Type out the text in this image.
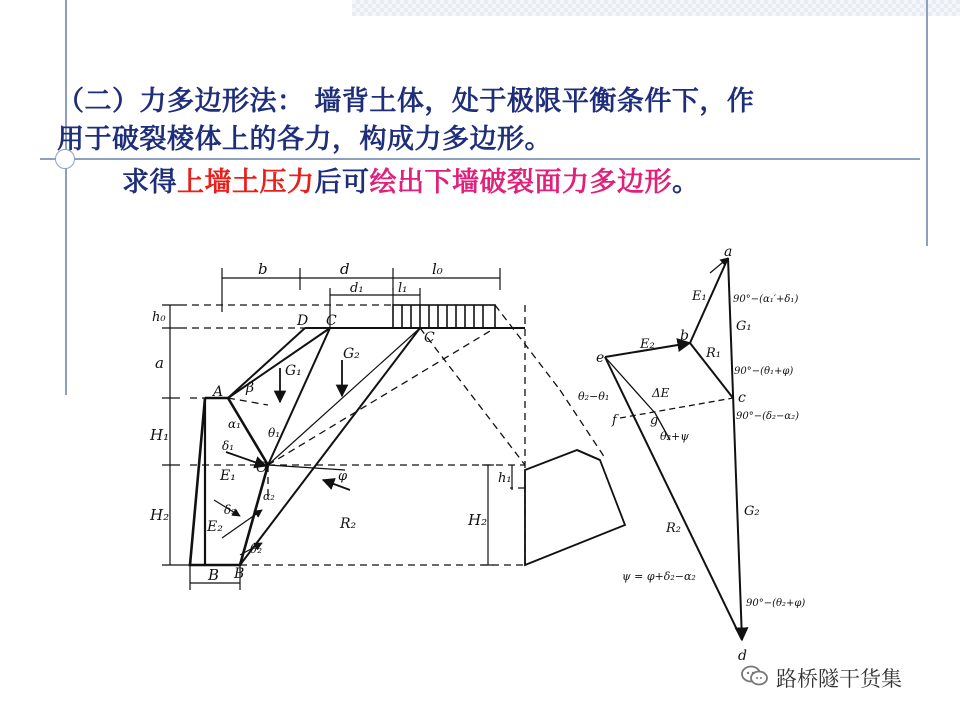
（二）力多边形法： 墙背土体，处于极限平衡条件下，作
用于破裂棱体上的各力，构成力多边形。
求得上墙土压力后可绘出下墙破裂面力多边形。
b	d
d₁	l₁
l₀
h₀
a
H₁
H₂
B
H₂
h₁
A
D C
C
O
B
G₁
G₂
E₁
E₂	R₂
β
α₁
δ₁
θ₁
δ₂
θ₂
α₂
φ
a
b
c
d
e
f	g
E₁
E₂
R₁
G₁
G₂
R₂
ΔE
90°−(α₁′+δ₁)
90°−(θ₁+φ)
90°−(δ₂−α₂)
90°−(θ₂+φ)
θ₂−θ₁
θ₂+ψ
ψ = φ+δ₂−α₂
路桥隧干货集
